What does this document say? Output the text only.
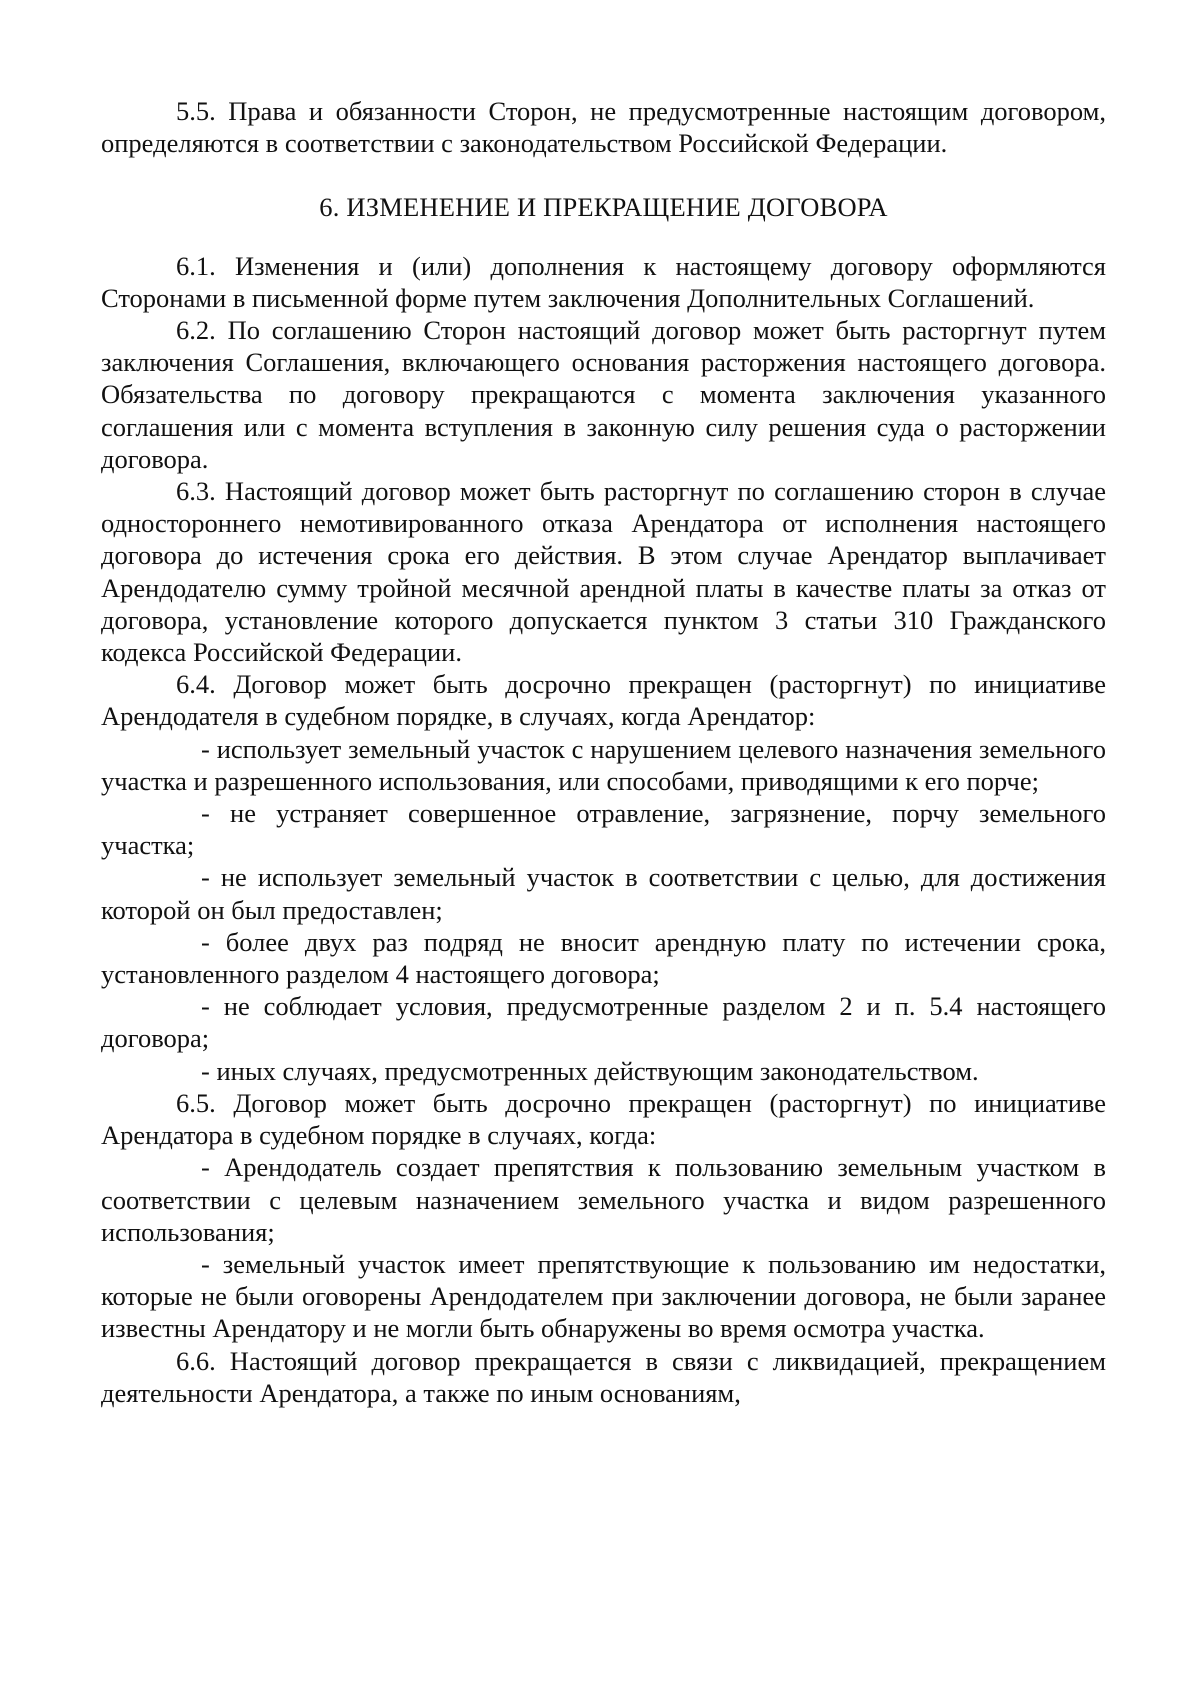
5.5. Права и обязанности Сторон, не предусмотренные настоящим договором, определяются в соответствии с законодательством Российской Федерации.

6. ИЗМЕНЕНИЕ И ПРЕКРАЩЕНИЕ ДОГОВОРА

6.1. Изменения и (или) дополнения к настоящему договору оформляются Сторонами в письменной форме путем заключения Дополнительных Соглашений.

6.2. По соглашению Сторон настоящий договор может быть расторгнут путем заключения Соглашения, включающего основания расторжения настоящего договора. Обязательства по договору прекращаются с момента заключения указанного соглашения или с момента вступления в законную силу решения суда о расторжении договора.

6.3. Настоящий договор может быть расторгнут по соглашению сторон в случае одностороннего немотивированного отказа Арендатора от исполнения настоящего договора до истечения срока его действия. В этом случае Арендатор выплачивает Арендодателю сумму тройной месячной арендной платы в качестве платы за отказ от договора, установление которого допускается пунктом 3 статьи 310 Гражданского кодекса Российской Федерации.

6.4. Договор может быть досрочно прекращен (расторгнут) по инициативе Арендодателя в судебном порядке, в случаях, когда Арендатор:

- использует земельный участок с нарушением целевого назначения земельного участка и разрешенного использования, или способами, приводящими к его порче;

- не устраняет совершенное отравление, загрязнение, порчу земельного участка;

- не использует земельный участок в соответствии с целью, для достижения которой он был предоставлен;

- более двух раз подряд не вносит арендную плату по истечении срока, установленного разделом 4 настоящего договора;

- не соблюдает условия, предусмотренные разделом 2 и п. 5.4 настоящего договора;

- иных случаях, предусмотренных действующим законодательством.

6.5. Договор может быть досрочно прекращен (расторгнут) по инициативе Арендатора в судебном порядке в случаях, когда:

- Арендодатель создает препятствия к пользованию земельным участком в соответствии с целевым назначением земельного участка и видом разрешенного использования;

- земельный участок имеет препятствующие к пользованию им недостатки, которые не были оговорены Арендодателем при заключении договора, не были заранее известны Арендатору и не могли быть обнаружены во время осмотра участка.

6.6. Настоящий договор прекращается в связи с ликвидацией, прекращением деятельности Арендатора, а также по иным основаниям,
